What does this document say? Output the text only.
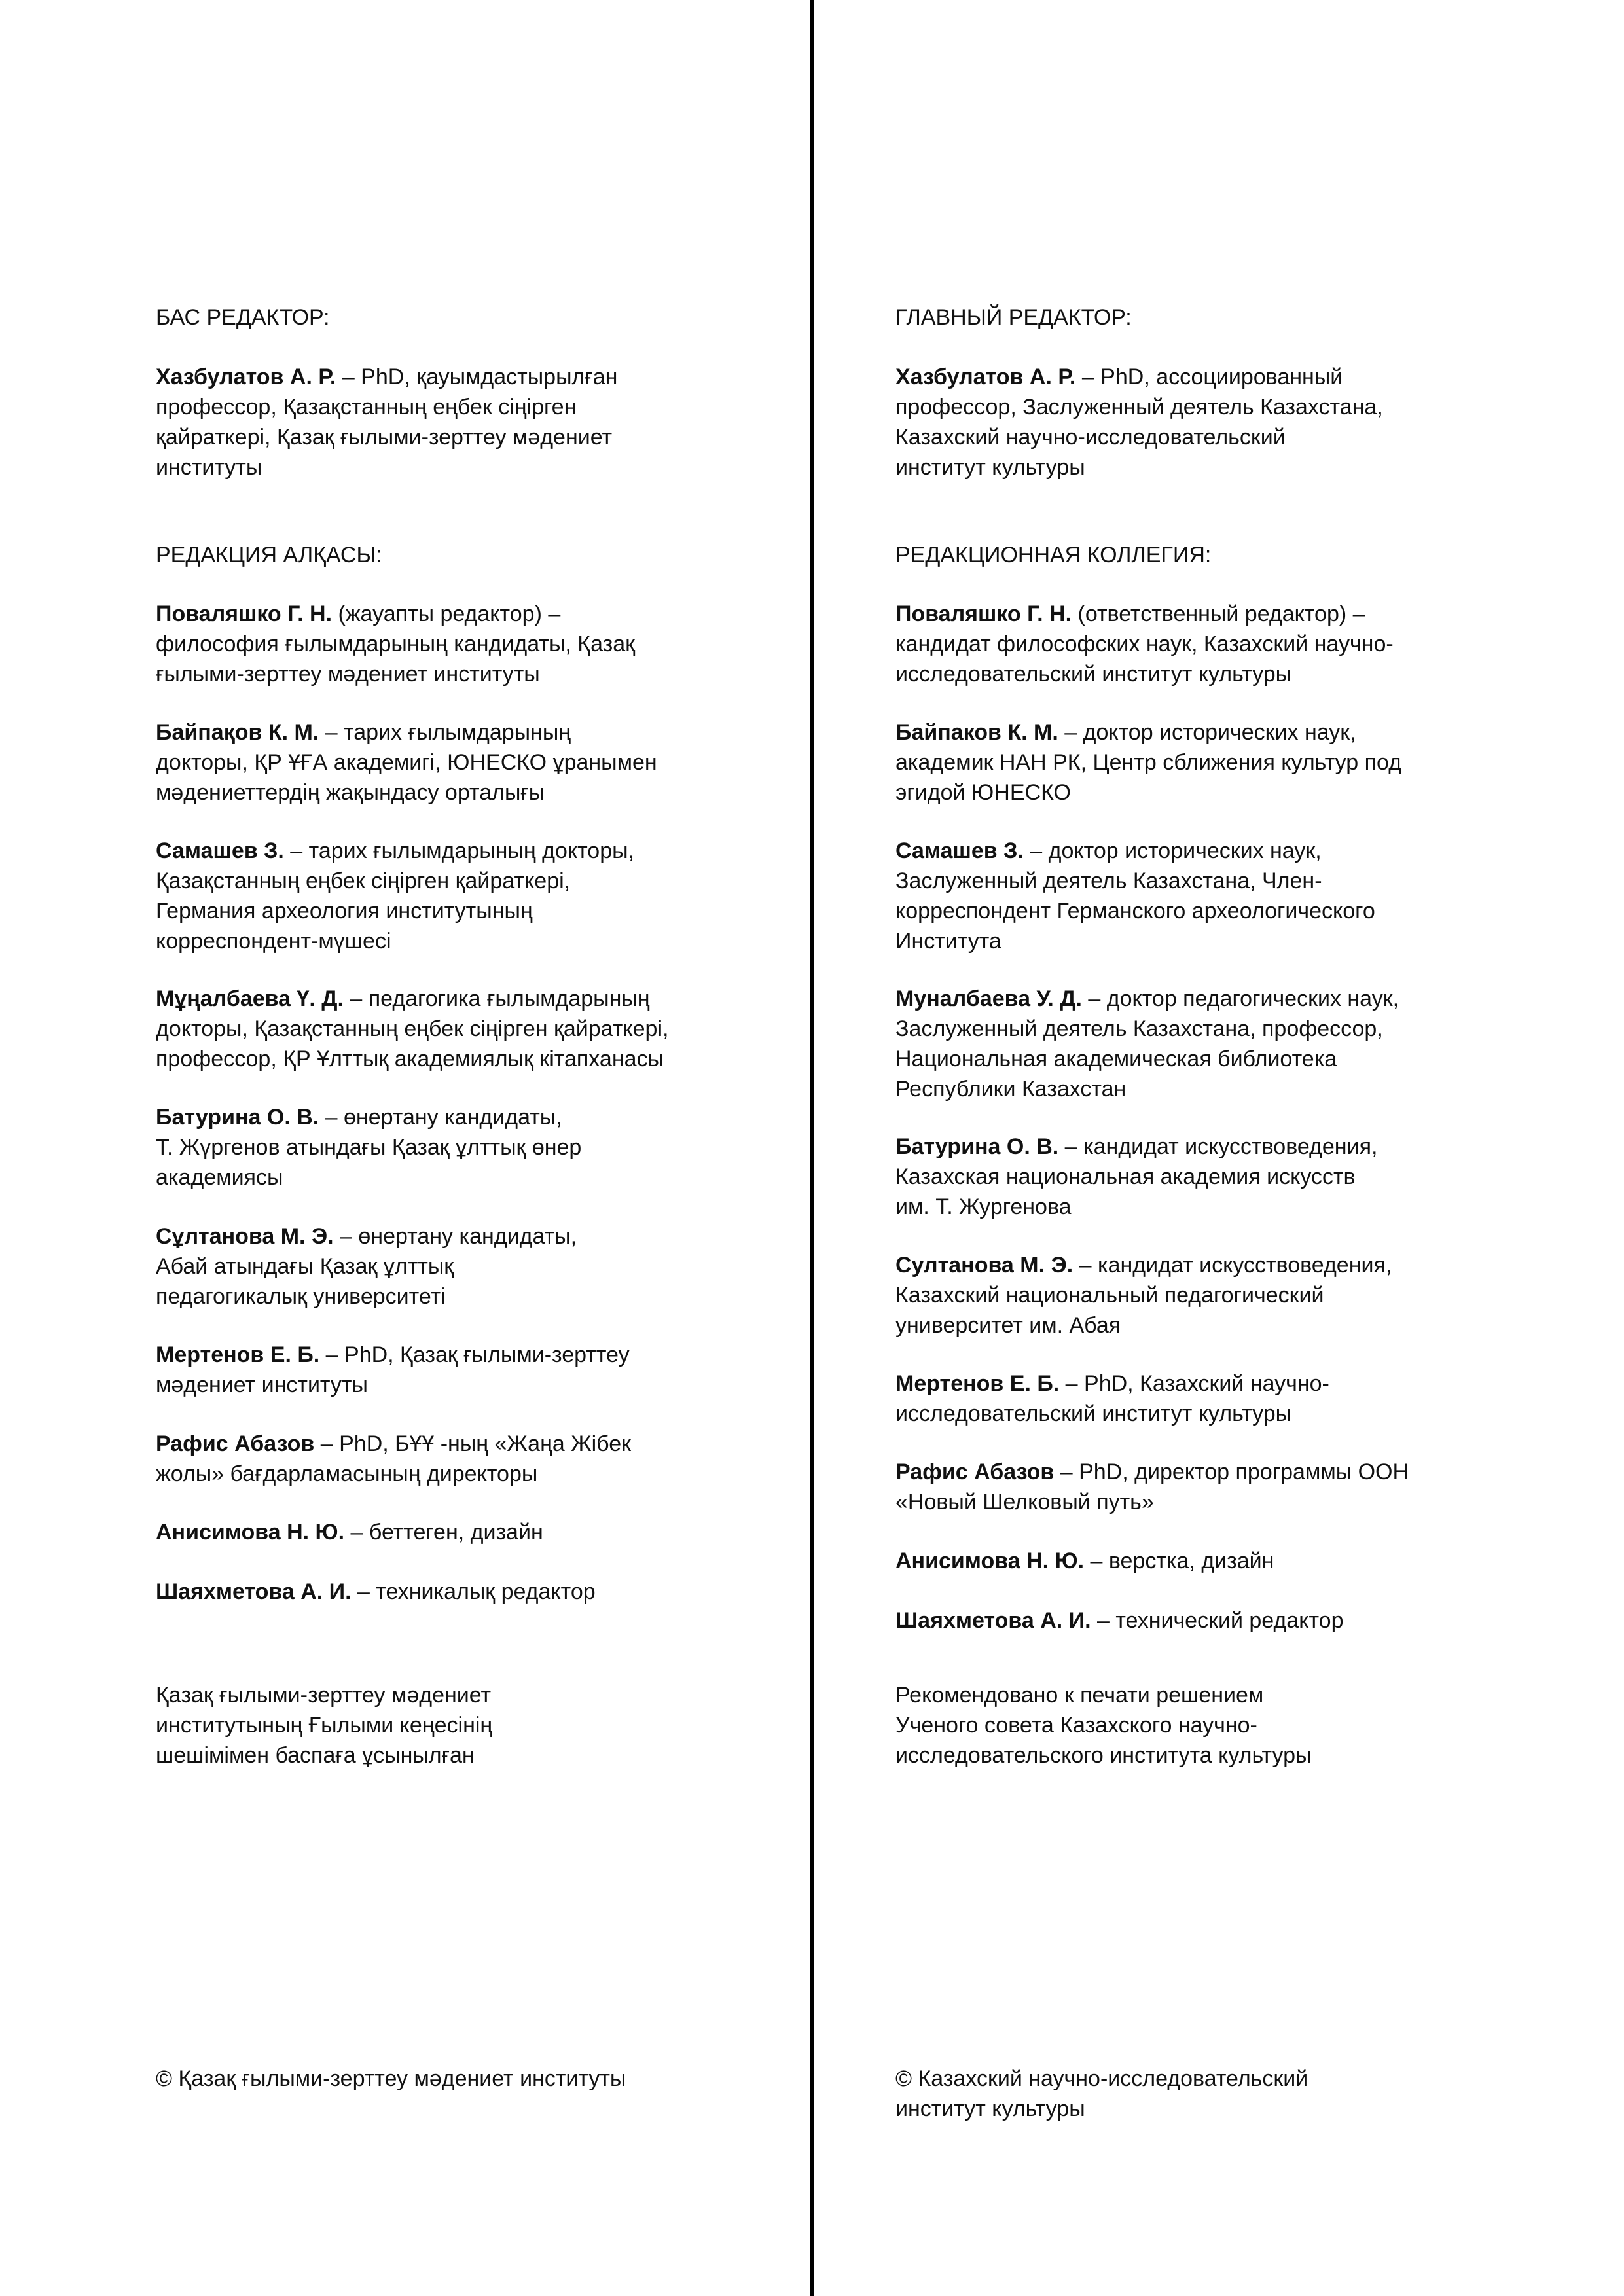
БАС РЕДАКТОР:
Хазбулатов А. Р. – PhD, қауымдастырылған
профессор, Қазақстанның еңбек сіңірген
қайраткері, Қазақ ғылыми-зерттеу мәдениет
институты
РЕДАКЦИЯ АЛҚАСЫ:
Поваляшко Г. Н. (жауапты редактор) –
философия ғылымдарының кандидаты, Қазақ
ғылыми-зерттеу мәдениет институты
Байпақов К. М. – тарих ғылымдарының
докторы, ҚР ҰҒА академигі, ЮНЕСКО ұранымен
мәдениеттердің жақындасу орталығы
Самашев З. – тарих ғылымдарының докторы,
Қазақстанның еңбек сіңірген қайраткері,
Германия археология институтының
корреспондент-мүшесі
Мұңалбаева Ү. Д. – педагогика ғылымдарының
докторы, Қазақстанның еңбек сіңірген қайраткері,
профессор, ҚР Ұлттық академиялық кітапханасы
Батурина О. В. – өнертану кандидаты,
Т. Жүргенов атындағы Қазақ ұлттық өнер
академиясы
Сұлтанова М. Э. – өнертану кандидаты,
Абай атындағы Қазақ ұлттық
педагогикалық университеті
Мертенов Е. Б. – PhD, Қазақ ғылыми-зерттеу
мәдениет институты
Рафис Абазов – PhD, БҰҰ -ның «Жаңа Жібек
жолы» бағдарламасының директоры
Анисимова Н. Ю. – беттеген, дизайн
Шаяхметова А. И. – техникалық редактор
Қазақ ғылыми-зерттеу мәдениет
институтының Ғылыми кеңесінің
шешімімен баспаға ұсынылған
© Қазақ ғылыми-зерттеу мәдениет институты
ГЛАВНЫЙ РЕДАКТОР:
Хазбулатов А. Р. – PhD, ассоциированный
профессор, Заслуженный деятель Казахстана,
Казахский научно-исследовательский
институт культуры
РЕДАКЦИОННАЯ КОЛЛЕГИЯ:
Поваляшко Г. Н. (ответственный редактор) –
кандидат философских наук, Казахский научно-
исследовательский институт культуры
Байпаков К. М. – доктор исторических наук,
академик НАН РК, Центр сближения культур под
эгидой ЮНЕСКО
Самашев З. – доктор исторических наук,
Заслуженный деятель Казахстана, Член-
корреспондент Германского археологического
Института
Муналбаева У. Д. – доктор педагогических наук,
Заслуженный деятель Казахстана, профессор,
Национальная академическая библиотека
Республики Казахстан
Батурина О. В. – кандидат искусствоведения,
Казахская национальная академия искусств
им. Т. Жургенова
Султанова М. Э. – кандидат искусствоведения,
Казахский национальный педагогический
университет им. Абая
Мертенов Е. Б. – PhD, Казахский научно-
исследовательский институт культуры
Рафис Абазов – PhD, директор программы ООН
«Новый Шелковый путь»
Анисимова Н. Ю. – верстка, дизайн
Шаяхметова А. И. – технический редактор
Рекомендовано к печати решением
Ученого совета Казахского научно-
исследовательского института культуры
© Казахский научно-исследовательский
институт культуры
